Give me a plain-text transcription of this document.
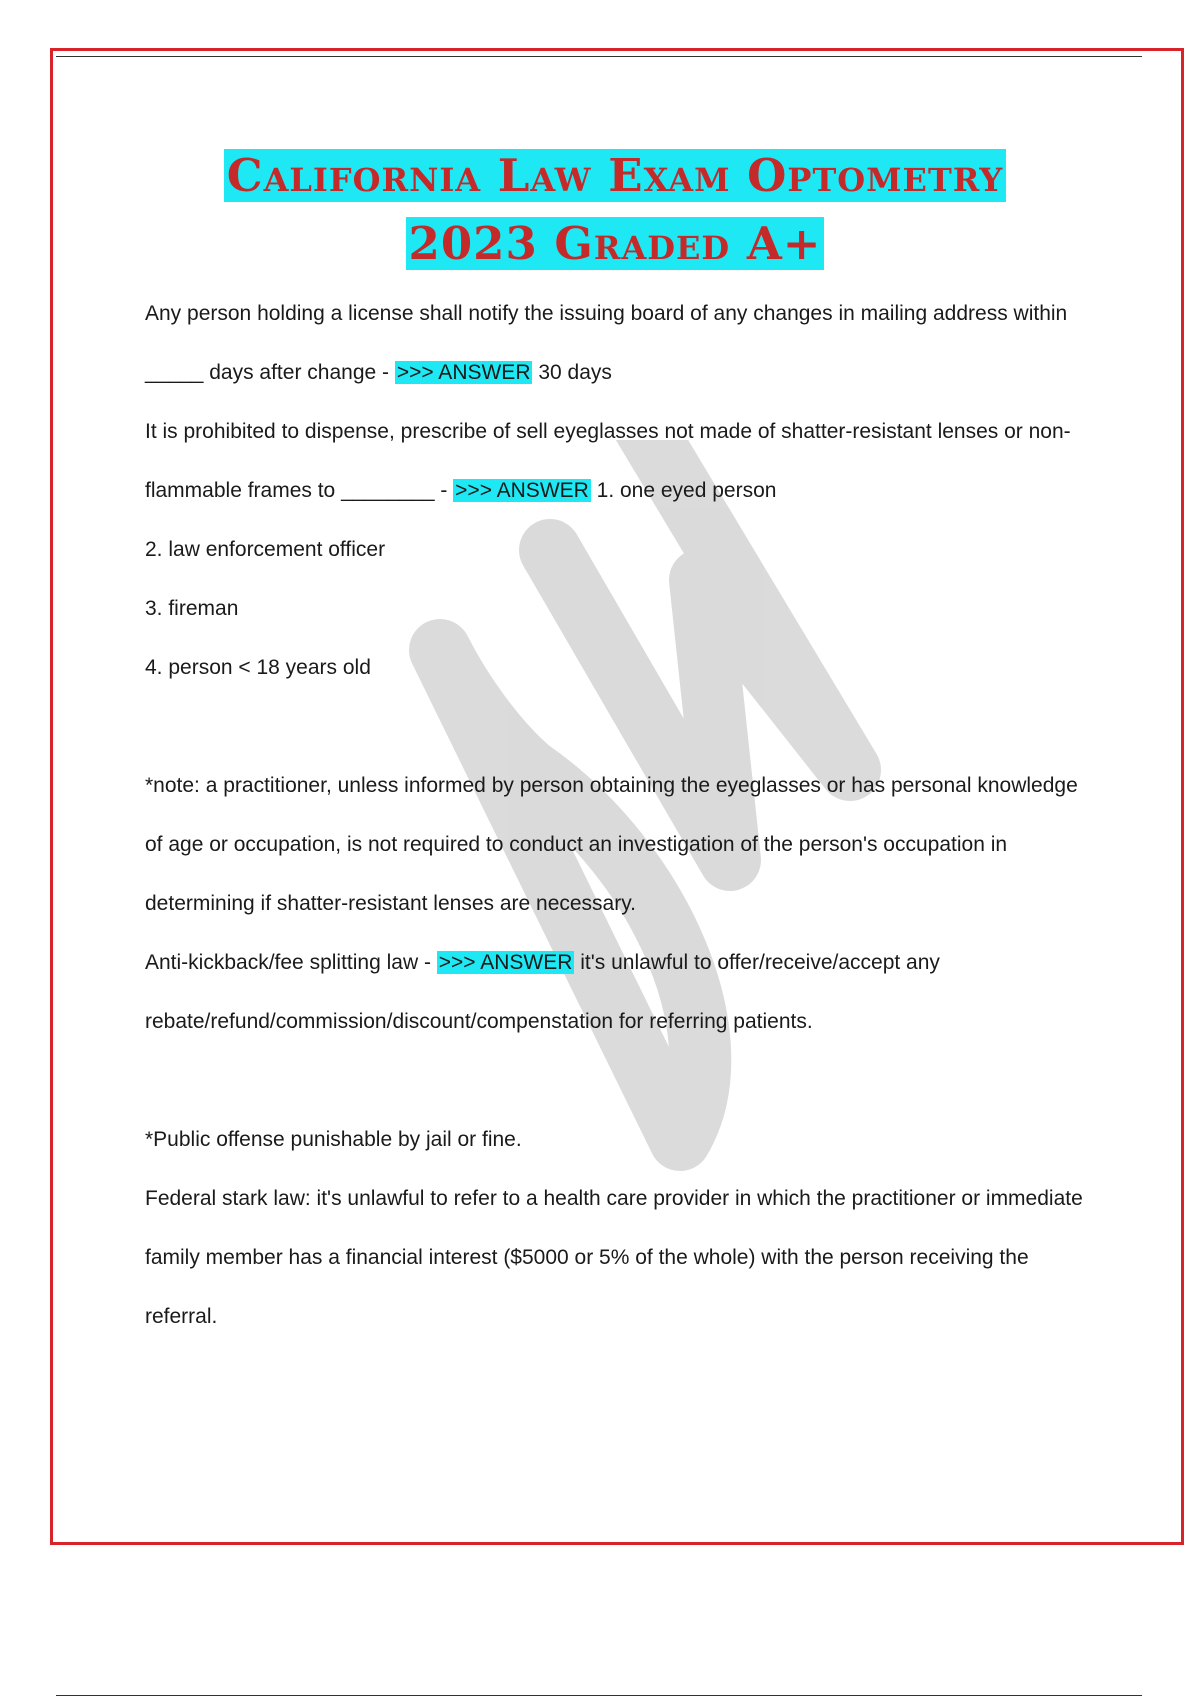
California Law Exam Optometry
2023 Graded A+

Any person holding a license shall notify the issuing board of any changes in mailing address within _____ days after change - >>> ANSWER 30 days

It is prohibited to dispense, prescribe of sell eyeglasses not made of shatter-resistant lenses or non-flammable frames to ________ - >>> ANSWER 1. one eyed person

2. law enforcement officer

3. fireman

4. person < 18 years old

*note: a practitioner, unless informed by person obtaining the eyeglasses or has personal knowledge of age or occupation, is not required to conduct an investigation of the person's occupation in determining if shatter-resistant lenses are necessary.

Anti-kickback/fee splitting law - >>> ANSWER it's unlawful to offer/receive/accept any rebate/refund/commission/discount/compenstation for referring patients.

*Public offense punishable by jail or fine.

Federal stark law: it's unlawful to refer to a health care provider in which the practitioner or immediate family member has a financial interest ($5000 or 5% of the whole) with the person receiving the referral.
